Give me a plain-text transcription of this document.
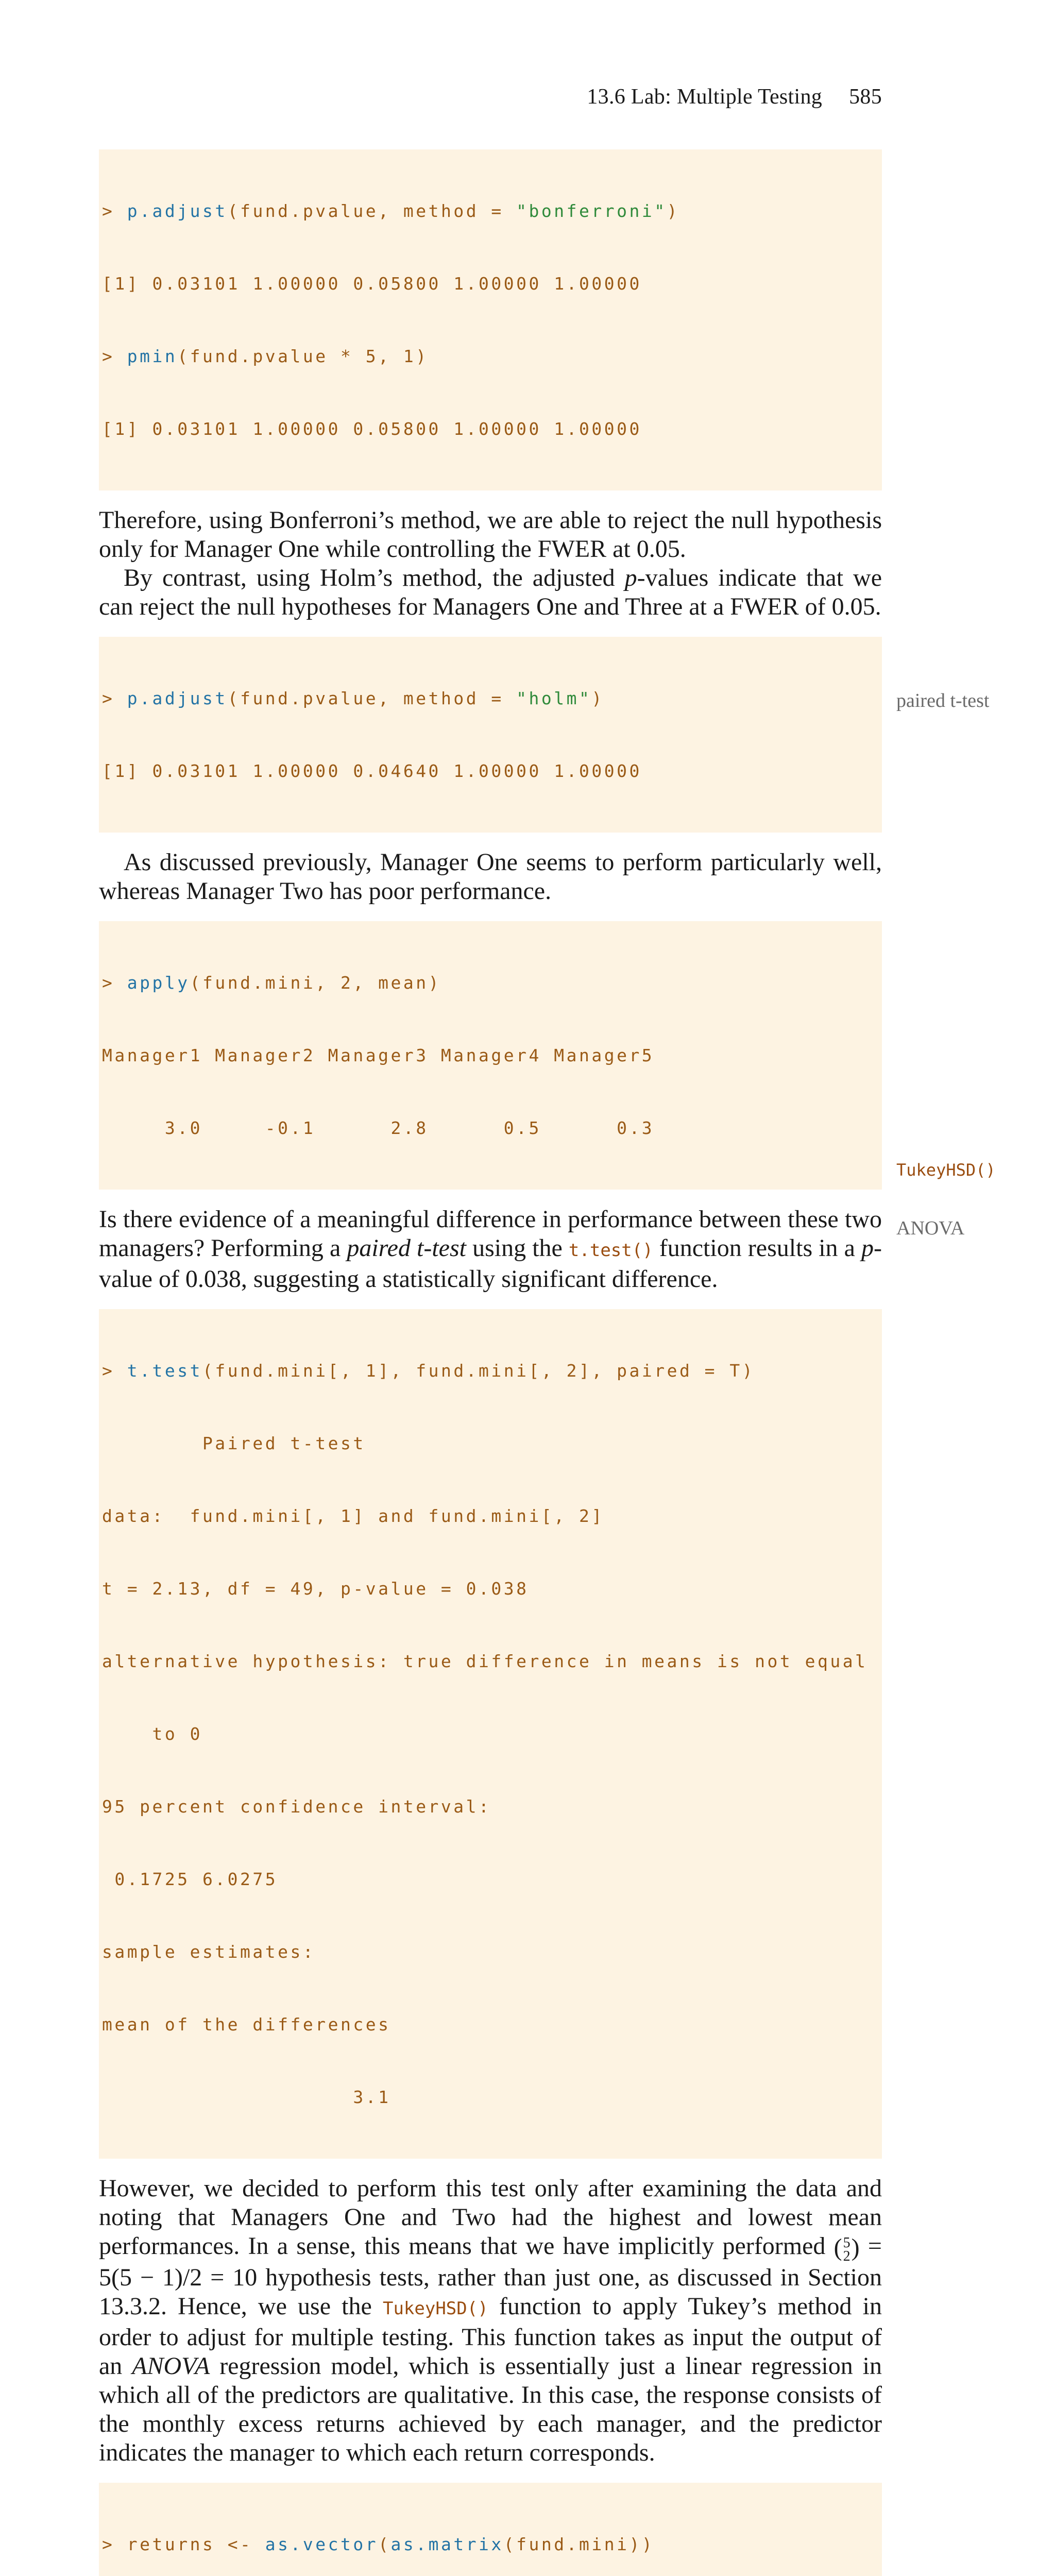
13.6 Lab: Multiple Testing 585

> p.adjust(fund.pvalue, method = "bonferroni")

[1] 0.03101 1.00000 0.05800 1.00000 1.00000

> pmin(fund.pvalue * 5, 1)

[1] 0.03101 1.00000 0.05800 1.00000 1.00000

Therefore, using Bonferroni’s method, we are able to reject the null hypothesis only for Manager One while controlling the FWER at 0.05.

By contrast, using Holm’s method, the adjusted p-values indicate that we can reject the null hypotheses for Managers One and Three at a FWER of 0.05.

> p.adjust(fund.pvalue, method = "holm")

[1] 0.03101 1.00000 0.04640 1.00000 1.00000

As discussed previously, Manager One seems to perform particularly well, whereas Manager Two has poor performance.

> apply(fund.mini, 2, mean)

Manager1 Manager2 Manager3 Manager4 Manager5

3.0     -0.1      2.8      0.5      0.3

Is there evidence of a meaningful difference in performance between these two managers? Performing a paired t-test using the t.test() function results in a p-value of 0.038, suggesting a statistically significant difference.

> t.test(fund.mini[, 1], fund.mini[, 2], paired = T)

Paired t-test

data:  fund.mini[, 1] and fund.mini[, 2]

t = 2.13, df = 49, p-value = 0.038

alternative hypothesis: true difference in means is not equal

to 0

95 percent confidence interval:

0.1725 6.0275

sample estimates:

mean of the differences

3.1

However, we decided to perform this test only after examining the data and noting that Managers One and Two had the highest and lowest mean performances. In a sense, this means that we have implicitly performed (5
2) = 5(5 − 1)/2 = 10 hypothesis tests, rather than just one, as discussed in Section 13.3.2. Hence, we use the TukeyHSD() function to apply Tukey’s method in order to adjust for multiple testing. This function takes as input the output of an ANOVA regression model, which is essentially just a linear regression in which all of the predictors are qualitative. In this case, the response consists of the monthly excess returns achieved by each manager, and the predictor indicates the manager to which each return corresponds.

> returns <- as.vector(as.matrix(fund.mini))

paired t-test
TukeyHSD()
ANOVA
